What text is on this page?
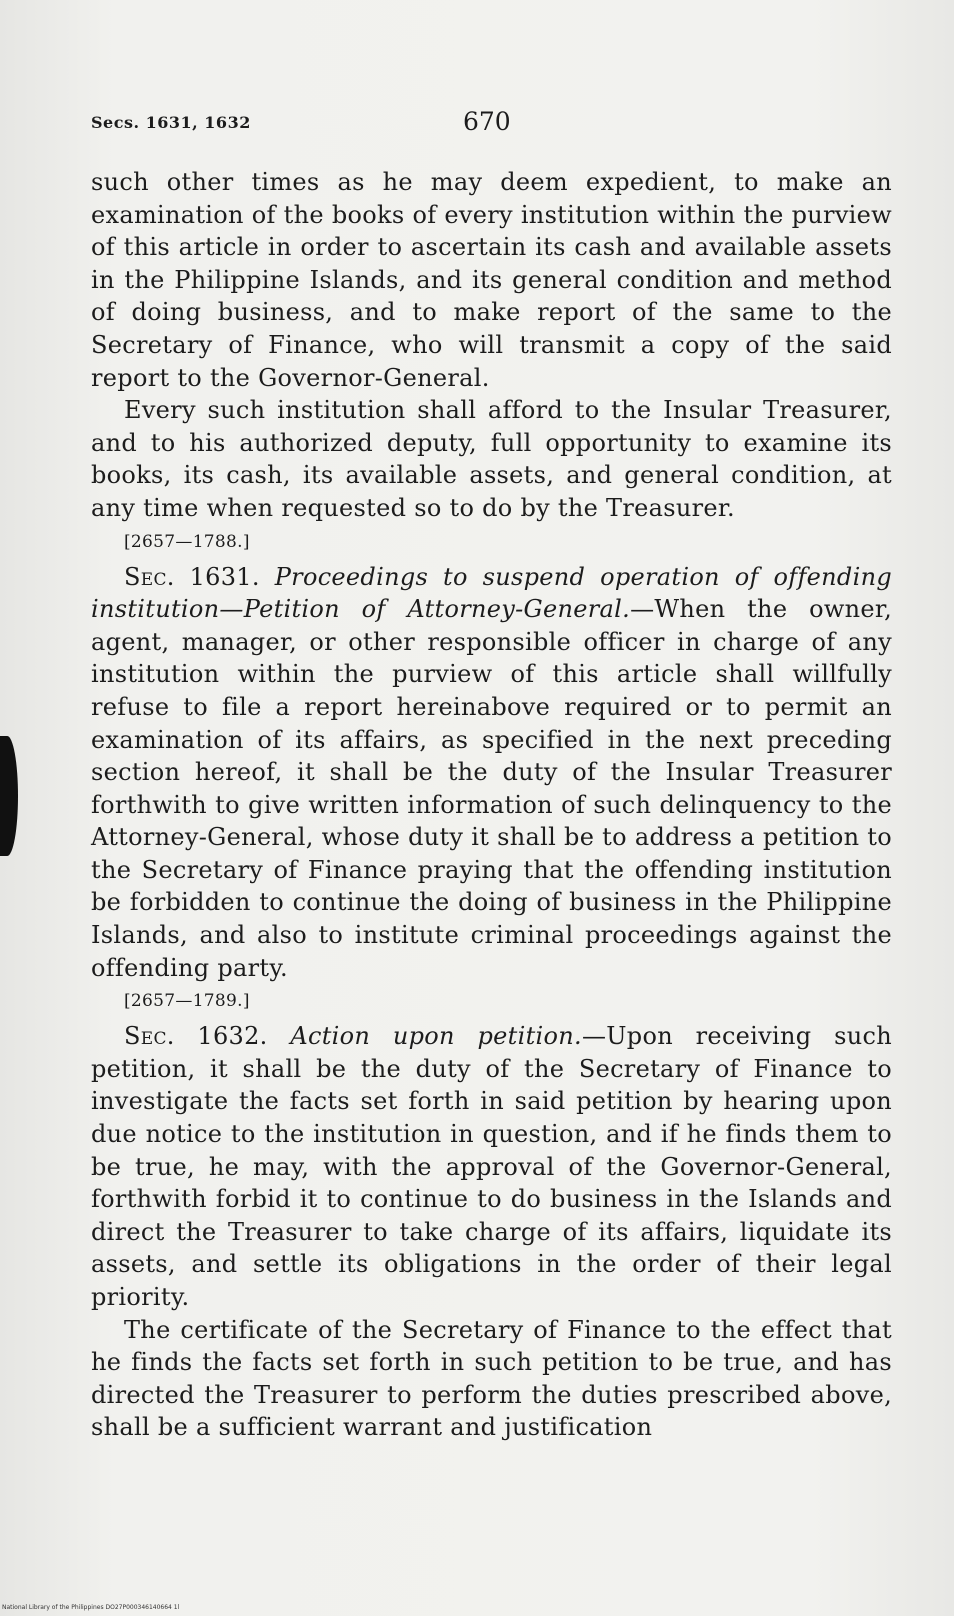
Secs. 1631, 1632	670

such other times as he may deem expedient, to make an examination of the books of every institution within the purview of this article in order to ascertain its cash and available assets in the Philippine Islands, and its general condition and method of doing business, and to make report of the same to the Secretary of Finance, who will transmit a copy of the said report to the Governor-General.

Every such institution shall afford to the Insular Treasurer, and to his authorized deputy, full opportunity to examine its books, its cash, its available assets, and general condition, at any time when requested so to do by the Treasurer.

[2657—1788.]

Sec. 1631. Proceedings to suspend operation of offending institution—Petition of Attorney-General.—When the owner, agent, manager, or other responsible officer in charge of any institution within the purview of this article shall willfully refuse to file a report hereinabove required or to permit an examination of its affairs, as specified in the next preceding section hereof, it shall be the duty of the Insular Treasurer forthwith to give written information of such delinquency to the Attorney-General, whose duty it shall be to address a petition to the Secretary of Finance praying that the offending institution be forbidden to continue the doing of business in the Philippine Islands, and also to institute criminal proceedings against the offending party.

[2657—1789.]

Sec. 1632. Action upon petition.—Upon receiving such petition, it shall be the duty of the Secretary of Finance to investigate the facts set forth in said petition by hearing upon due notice to the institution in question, and if he finds them to be true, he may, with the approval of the Governor-General, forthwith forbid it to continue to do business in the Islands and direct the Treasurer to take charge of its affairs, liquidate its assets, and settle its obligations in the order of their legal priority.

The certificate of the Secretary of Finance to the effect that he finds the facts set forth in such petition to be true, and has directed the Treasurer to perform the duties prescribed above, shall be a sufficient warrant and justification

National Library of the Philippines DO27P000346140664 1l
